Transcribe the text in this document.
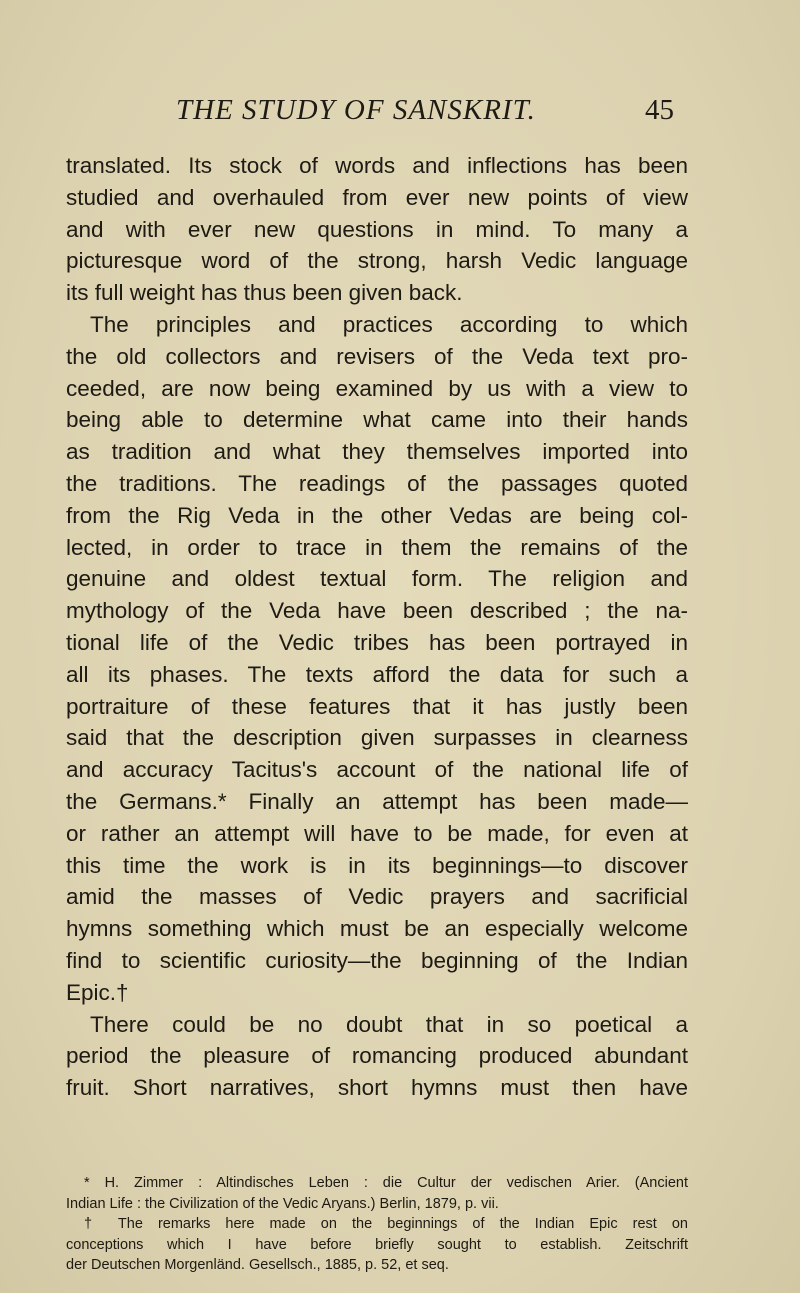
THE STUDY OF SANSKRIT.	45
translated. Its stock of words and inflections has been
studied and overhauled from ever new points of view
and with ever new questions in mind. To many a
picturesque word of the strong, harsh Vedic language
its full weight has thus been given back.
The principles and practices according to which
the old collectors and revisers of the Veda text pro-
ceeded, are now being examined by us with a view to
being able to determine what came into their hands
as tradition and what they themselves imported into
the traditions. The readings of the passages quoted
from the Rig Veda in the other Vedas are being col-
lected, in order to trace in them the remains of the
genuine and oldest textual form. The religion and
mythology of the Veda have been described ; the na-
tional life of the Vedic tribes has been portrayed in
all its phases. The texts afford the data for such a
portraiture of these features that it has justly been
said that the description given surpasses in clearness
and accuracy Tacitus's account of the national life of
the Germans.* Finally an attempt has been made—
or rather an attempt will have to be made, for even at
this time the work is in its beginnings—to discover
amid the masses of Vedic prayers and sacrificial
hymns something which must be an especially welcome
find to scientific curiosity—the beginning of the Indian
Epic.†
There could be no doubt that in so poetical a
period the pleasure of romancing produced abundant
fruit. Short narratives, short hymns must then have
* H. Zimmer : Altindisches Leben : die Cultur der vedischen Arier. (Ancient
Indian Life : the Civilization of the Vedic Aryans.) Berlin, 1879, p. vii.
† The remarks here made on the beginnings of the Indian Epic rest on
conceptions which I have before briefly sought to establish. Zeitschrift
der Deutschen Morgenländ. Gesellsch., 1885, p. 52, et seq.
